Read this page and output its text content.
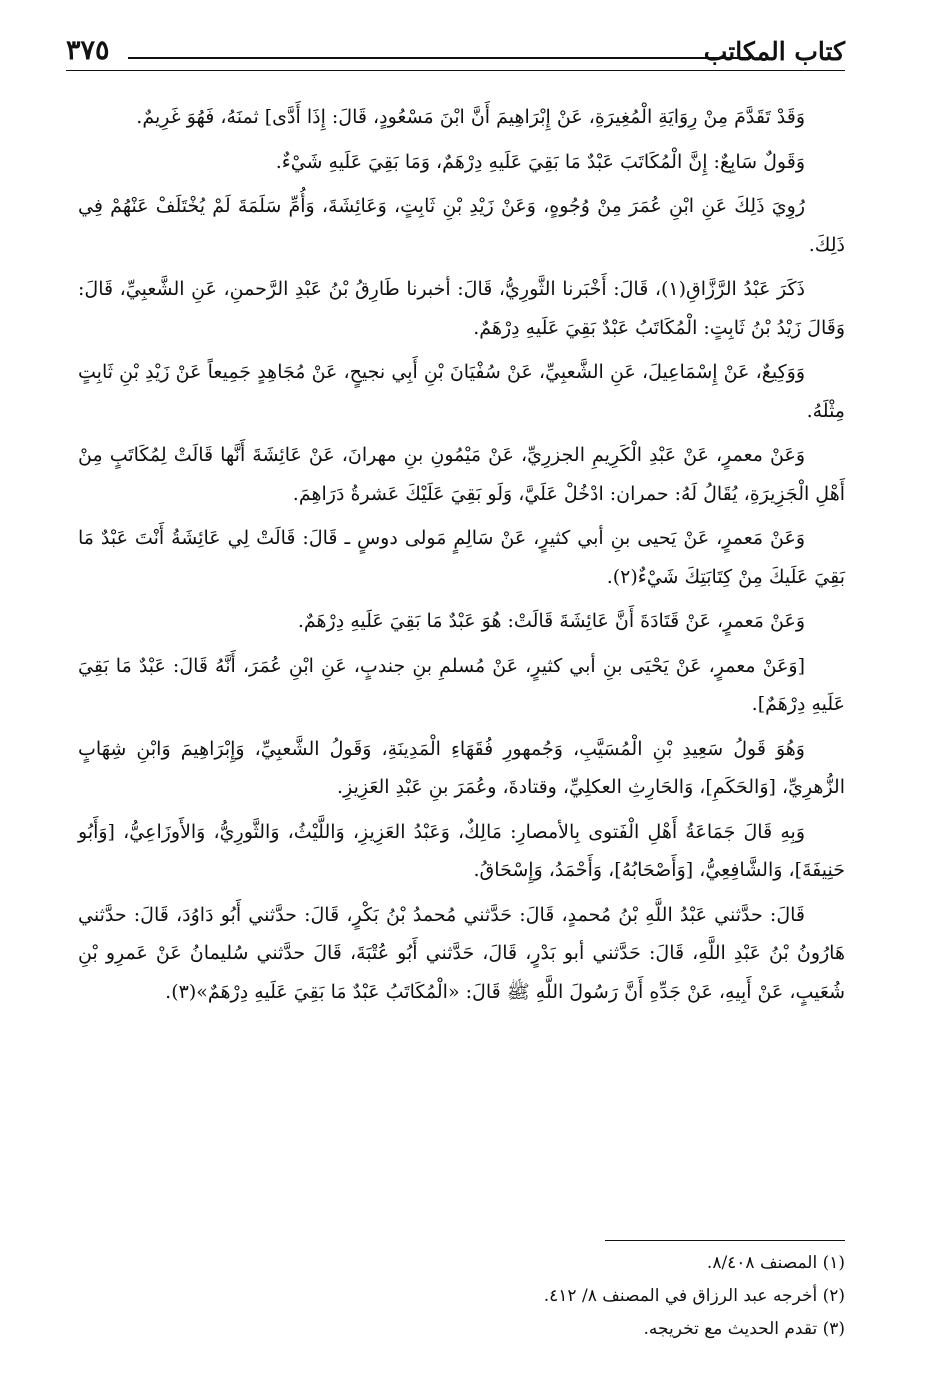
كتاب المكاتب
٣٧٥

وَقَدْ تَقَدَّمَ مِنْ رِوَايَةِ الْمُغِيرَةِ، عَنْ إِبْرَاهِيمَ أَنَّ ابْنَ مَسْعُودٍ، قَالَ: إِذَا أَدَّى] ثمنَهُ، فَهُوَ غَرِيمٌ.

وَقَولٌ سَابِعٌ: إِنَّ الْمُكَاتَبَ عَبْدٌ مَا بَقِيَ عَلَيهِ دِرْهَمٌ، وَمَا بَقِيَ عَلَيهِ شَيْءٌ.

رُوِيَ ذَلِكَ عَنِ ابْنِ عُمَرَ مِنْ وُجُوهٍ، وَعَنْ زَيْدِ بْنِ ثَابِتٍ، وَعَائِشَةَ، وَأُمِّ سَلَمَةَ لَمْ يُخْتَلَفْ عَنْهُمْ فِي ذَلِكَ.

ذَكَرَ عَبْدُ الرَّزَّاقِ(١)، قَالَ: أَخْبَرنا الثَّورِيُّ، قَالَ: أخبرنا طَارِقُ بْنُ عَبْدِ الرَّحمنِ، عَنِ الشَّعبِيِّ، قَالَ: وَقَالَ زَيْدُ بْنُ ثَابِتٍ: الْمُكَاتَبُ عَبْدٌ بَقِيَ عَلَيهِ دِرْهَمٌ.

وَوَكِيعٌ، عَنْ إِسْمَاعِيلَ، عَنِ الشَّعبِيِّ، عَنْ سُفْيَانَ بْنِ أَبِي نجيحٍ، عَنْ مُجَاهِدٍ جَمِيعاً عَنْ زَيْدِ بْنِ ثَابِتٍ مِثْلَهُ.

وَعَنْ معمرٍ، عَنْ عَبْدِ الْكَرِيمِ الجزرِيِّ، عَنْ مَيْمُونِ بنِ مهرانَ، عَنْ عَائِشَةَ أَنَّها قَالَتْ لِمُكَاتَبٍ مِنْ أَهْلِ الْجَزِيرَةِ، يُقَالُ لَهُ: حمران: ادْخُلْ عَلَيَّ، وَلَو بَقِيَ عَلَيْكَ عَشرةُ دَرَاهِمَ.

وَعَنْ مَعمرٍ، عَنْ يَحيى بنِ أبي كثيرٍ، عَنْ سَالِمٍ مَولى دوسٍ ـ قَالَ: قَالَتْ لِي عَائِشَةُ أَنْتَ عَبْدٌ مَا بَقِيَ عَلَيكَ مِنْ كِتَابَتِكَ شَيْءٌ(٢).

وَعَنْ مَعمرٍ، عَنْ قَتَادَةَ أَنَّ عَائِشَةَ قَالَتْ: هُوَ عَبْدٌ مَا بَقِيَ عَلَيهِ دِرْهَمٌ.

[وَعَنْ معمرٍ، عَنْ يَحْيَى بنِ أبي كثيرٍ، عَنْ مُسلمِ بنِ جندبٍ، عَنِ ابْنِ عُمَرَ، أَنَّهُ قَالَ: عَبْدٌ مَا بَقِيَ عَلَيهِ دِرْهَمٌ].

وَهُوَ قَولُ سَعِيدِ بْنِ الْمُسَيَّبِ، وَجُمهورِ فُقَهَاءِ الْمَدِينَةِ، وَقَولُ الشَّعبِيِّ، وَإِبْرَاهِيمَ وَابْنِ شِهَابٍ الزُّهرِيِّ، [وَالحَكَمِ]، وَالحَارِثِ العكلِيِّ، وقتادةَ، وعُمَرَ بنِ عَبْدِ العَزِيزِ.

وَبِهِ قَالَ جَمَاعَةُ أَهْلِ الْفَتوى بِالأمصارِ: مَالِكٌ، وَعَبْدُ العَزِيزِ، وَاللَّيْثُ، وَالثَّورِيُّ، وَالأَوزَاعِيُّ، [وَأَبُو حَنِيفَةَ]، وَالشَّافِعِيُّ، [وَأَصْحَابُهُ]، وَأَحْمَدُ، وَإِسْحَاقُ.

قَالَ: حدَّثني عَبْدُ اللَّهِ بْنُ مُحمدٍ، قَالَ: حَدَّثني مُحمدُ بْنُ بَكْرٍ، قَالَ: حدَّثني أَبُو دَاوُدَ، قَالَ: حدَّثني هَارُونُ بْنُ عَبْدِ اللَّهِ، قَالَ: حَدَّثني أبو بَدْرٍ، قَالَ، حَدَّثني أَبُو عُتْبَةَ، قَالَ حدَّثني سُليمانُ عَنْ عَمرِو بْنِ شُعَيبٍ، عَنْ أَبِيهِ، عَنْ جَدِّهِ أَنَّ رَسُولَ اللَّهِ ﷺ قَالَ: «الْمُكَاتَبُ عَبْدٌ مَا بَقِيَ عَلَيهِ دِرْهَمٌ»(٣).

(١) المصنف ٨/٤٠٨.

(٢) أخرجه عبد الرزاق في المصنف ٨/ ٤١٢.

(٣) تقدم الحديث مع تخريجه.
